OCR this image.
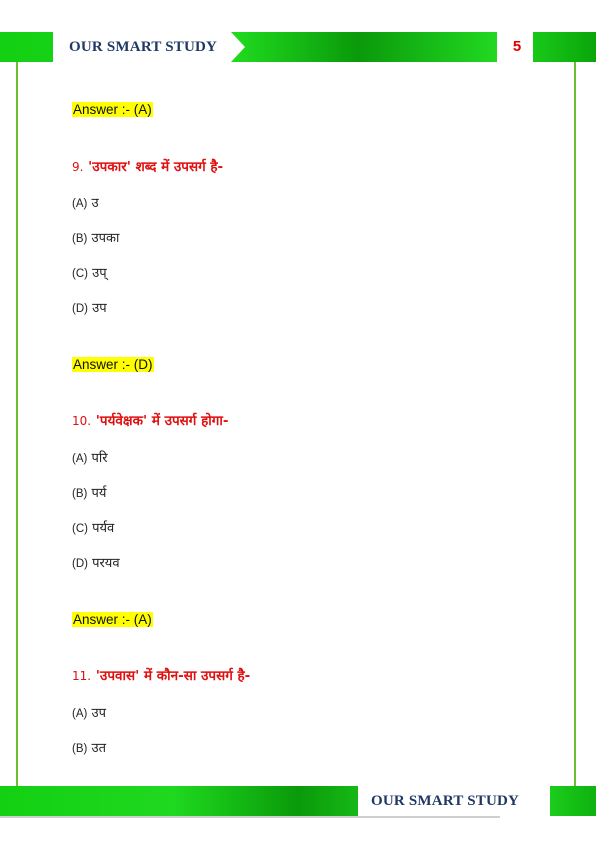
OUR SMART STUDY	5
Answer :- (A)
9. 'उपकार' शब्द में उपसर्ग है-
(A) उ
(B) उपका
(C) उप्
(D) उप
Answer :- (D)
10. 'पर्यवेक्षक' में उपसर्ग होगा-
(A) परि
(B) पर्य
(C) पर्यव
(D) परयव
Answer :- (A)
11. 'उपवास' में कौन-सा उपसर्ग है-
(A) उप
(B) उत
OUR SMART STUDY
